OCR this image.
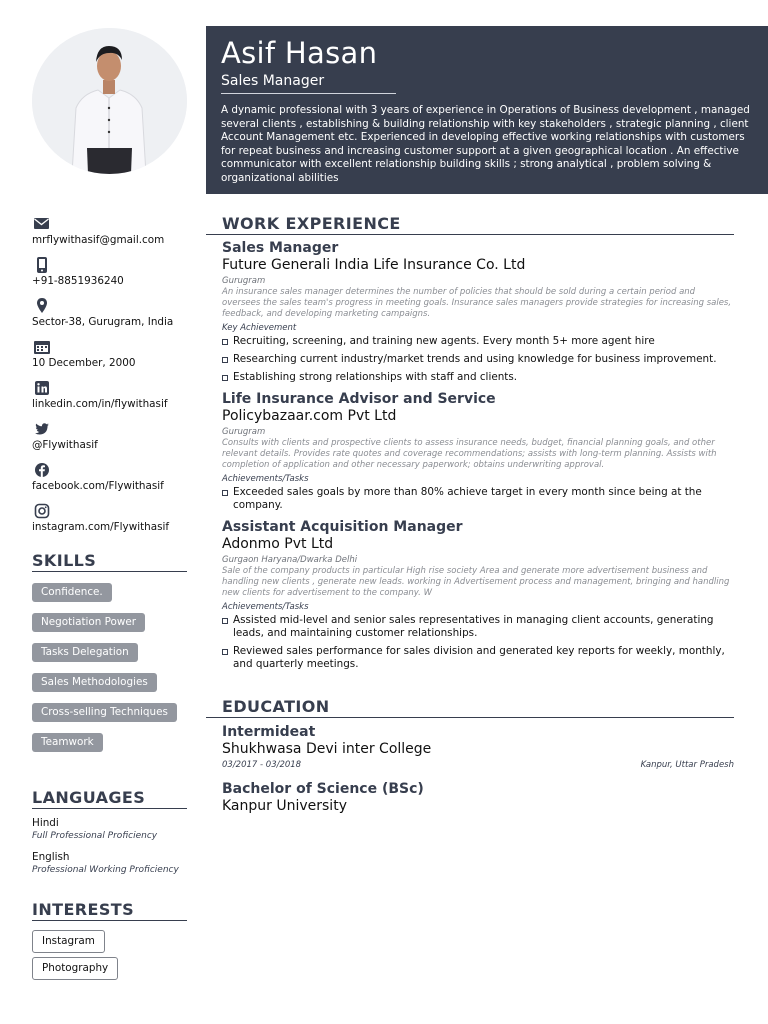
Asif Hasan
Sales Manager
A dynamic professional with 3 years of experience in Operations of Business development , managed several clients , establishing & building relationship with key stakeholders , strategic planning , client Account Management etc. Experienced in developing effective working relationships with customers for repeat business and increasing customer support at a given geographical location . An effective communicator with excellent relationship building skills ; strong analytical , problem solving & organizational abilities
mrflywithasif@gmail.com
+91-8851936240
Sector-38, Gurugram, India
10 December, 2000
linkedin.com/in/flywithasif
@Flywithasif
facebook.com/Flywithasif
instagram.com/Flywithasif
SKILLS
Confidence.
Negotiation Power
Tasks Delegation
Sales Methodologies
Cross-selling Techniques
Teamwork
LANGUAGES
Hindi
Full Professional Proficiency
English
Professional Working Proficiency
INTERESTS
Instagram
Photography
WORK EXPERIENCE
Sales Manager
Future Generali India Life Insurance Co. Ltd
Gurugram
An insurance sales manager determines the number of policies that should be sold during a certain period and oversees the sales team's progress in meeting goals. Insurance sales managers provide strategies for increasing sales, feedback, and developing marketing campaigns.
Key Achievement
Recruiting, screening, and training new agents. Every month 5+ more agent hire
Researching current industry/market trends and using knowledge for business improvement.
Establishing strong relationships with staff and clients.
Life Insurance Advisor and Service
Policybazaar.com Pvt Ltd
Gurugram
Consults with clients and prospective clients to assess insurance needs, budget, financial planning goals, and other relevant details. Provides rate quotes and coverage recommendations; assists with long-term planning. Assists with completion of application and other necessary paperwork; obtains underwriting approval.
Achievements/Tasks
Exceeded sales goals by more than 80% achieve target in every month since being at the company.
Assistant Acquisition Manager
Adonmo Pvt Ltd
Gurgaon Haryana/Dwarka Delhi
Sale of the company products in particular High rise society Area and generate more advertisement business and handling new clients , generate new leads. working in Advertisement process and management, bringing and handling new clients for advertisement to the company. W
Achievements/Tasks
Assisted mid-level and senior sales representatives in managing client accounts, generating leads, and maintaining customer relationships.
Reviewed sales performance for sales division and generated key reports for weekly, monthly, and quarterly meetings.
EDUCATION
Intermideat
Shukhwasa Devi inter College
03/2017 - 03/2018	Kanpur, Uttar Pradesh
Bachelor of Science (BSc)
Kanpur University
